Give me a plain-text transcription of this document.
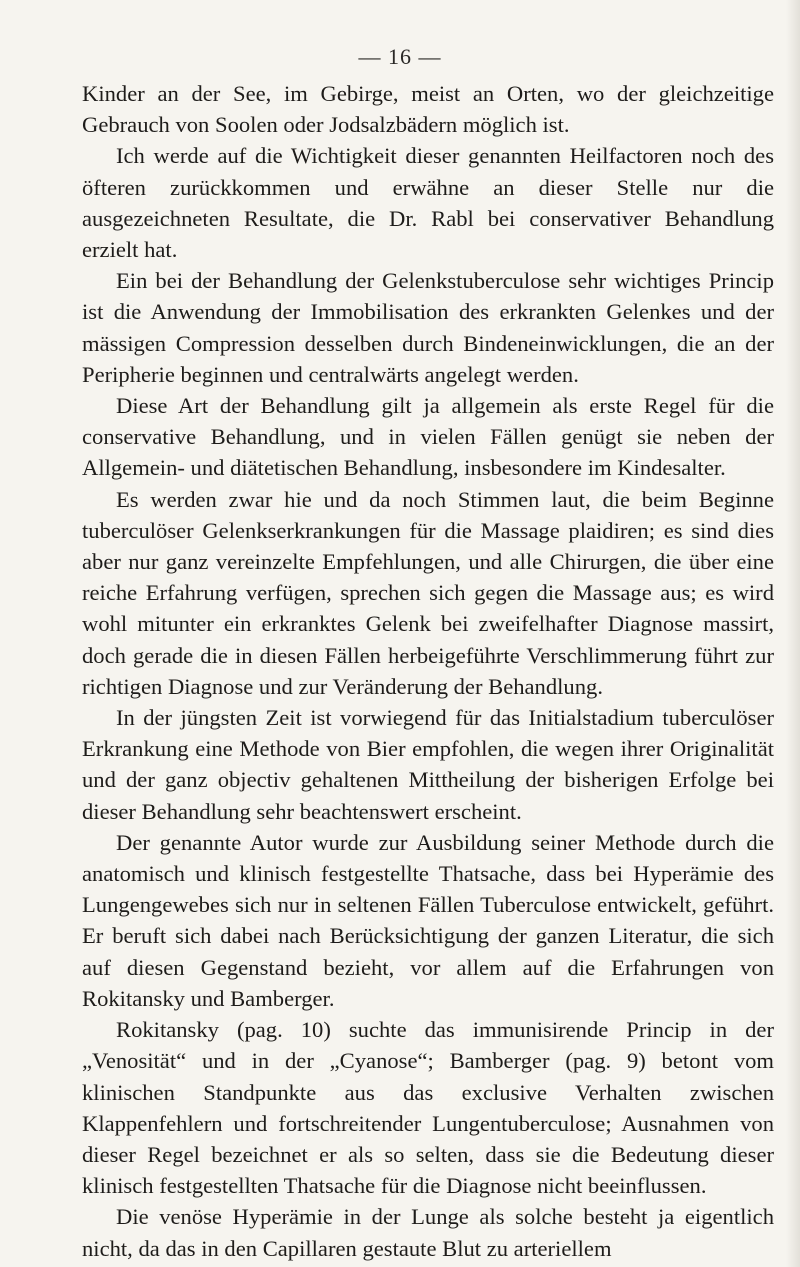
— 16 —

Kinder an der See, im Gebirge, meist an Orten, wo der gleichzeitige Gebrauch von Soolen oder Jodsalzbädern möglich ist.

Ich werde auf die Wichtigkeit dieser genannten Heilfactoren noch des öfteren zurückkommen und erwähne an dieser Stelle nur die ausgezeichneten Resultate, die Dr. Rabl bei conservativer Behandlung erzielt hat.

Ein bei der Behandlung der Gelenkstuberculose sehr wichtiges Princip ist die Anwendung der Immobilisation des erkrankten Gelenkes und der mässigen Compression desselben durch Bindeneinwicklungen, die an der Peripherie beginnen und centralwärts angelegt werden.

Diese Art der Behandlung gilt ja allgemein als erste Regel für die conservative Behandlung, und in vielen Fällen genügt sie neben der Allgemein- und diätetischen Behandlung, insbesondere im Kindesalter.

Es werden zwar hie und da noch Stimmen laut, die beim Beginne tuberculöser Gelenkserkrankungen für die Massage plaidiren; es sind dies aber nur ganz vereinzelte Empfehlungen, und alle Chirurgen, die über eine reiche Erfahrung verfügen, sprechen sich gegen die Massage aus; es wird wohl mitunter ein erkranktes Gelenk bei zweifelhafter Diagnose massirt, doch gerade die in diesen Fällen herbeigeführte Verschlimmerung führt zur richtigen Diagnose und zur Veränderung der Behandlung.

In der jüngsten Zeit ist vorwiegend für das Initialstadium tuberculöser Erkrankung eine Methode von Bier empfohlen, die wegen ihrer Originalität und der ganz objectiv gehaltenen Mittheilung der bisherigen Erfolge bei dieser Behandlung sehr beachtenswert erscheint.

Der genannte Autor wurde zur Ausbildung seiner Methode durch die anatomisch und klinisch festgestellte Thatsache, dass bei Hyperämie des Lungengewebes sich nur in seltenen Fällen Tuberculose entwickelt, geführt. Er beruft sich dabei nach Berücksichtigung der ganzen Literatur, die sich auf diesen Gegenstand bezieht, vor allem auf die Erfahrungen von Rokitansky und Bamberger.

Rokitansky (pag. 10) suchte das immunisirende Princip in der „Venosität“ und in der „Cyanose“; Bamberger (pag. 9) betont vom klinischen Standpunkte aus das exclusive Verhalten zwischen Klappenfehlern und fortschreitender Lungentuberculose; Ausnahmen von dieser Regel bezeichnet er als so selten, dass sie die Bedeutung dieser klinisch festgestellten Thatsache für die Diagnose nicht beeinflussen.

Die venöse Hyperämie in der Lunge als solche besteht ja eigentlich nicht, da das in den Capillaren gestaute Blut zu arteriellem
